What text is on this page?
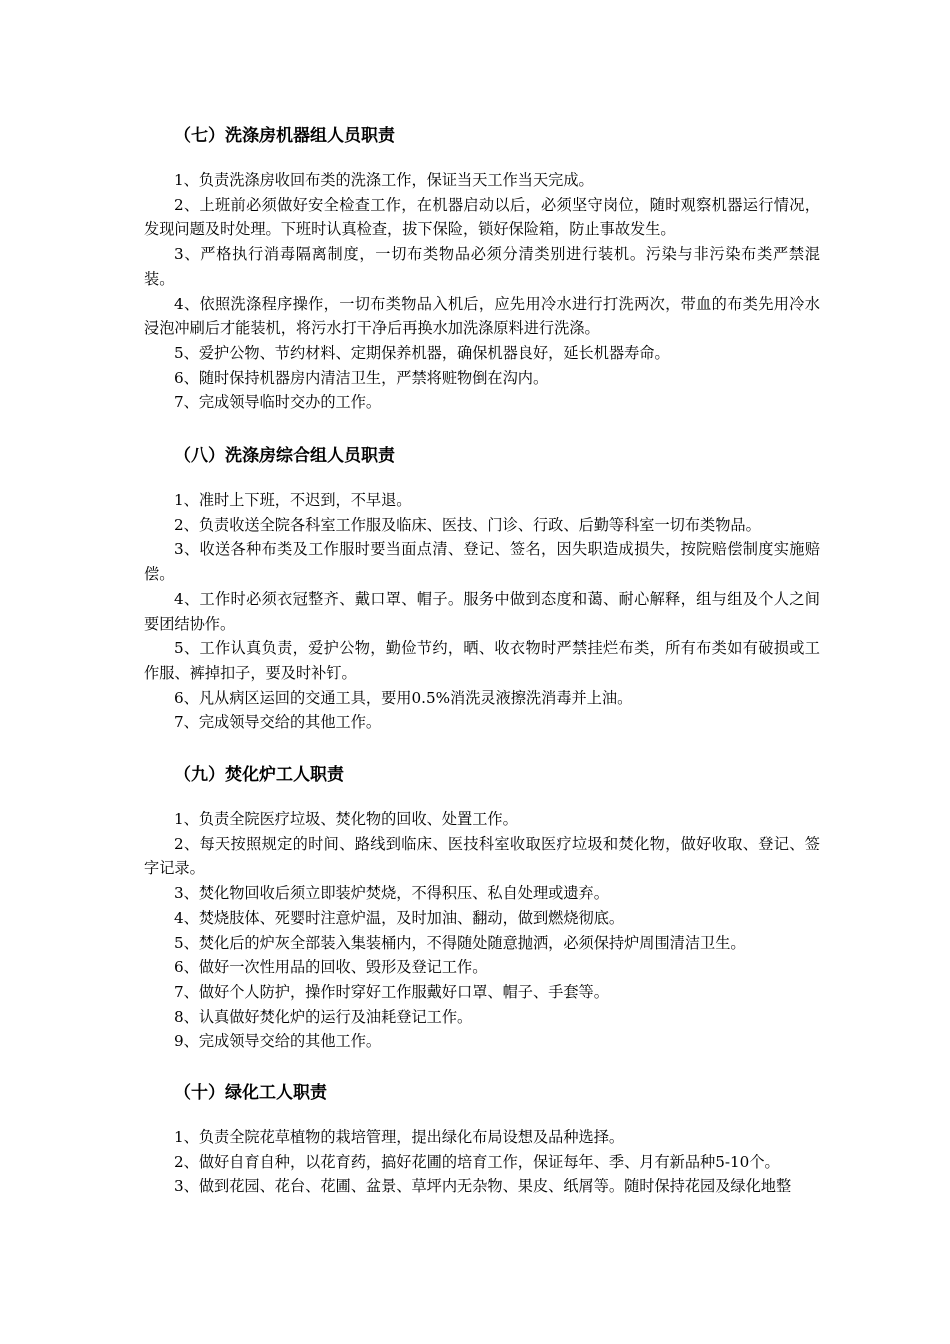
（七）洗涤房机器组人员职责

1、负责洗涤房收回布类的洗涤工作，保证当天工作当天完成。

2、上班前必须做好安全检查工作，在机器启动以后，必须坚守岗位，随时观察机器运行情况，发现问题及时处理。下班时认真检查，拔下保险，锁好保险箱，防止事故发生。

3、严格执行消毒隔离制度，一切布类物品必须分清类别进行装机。污染与非污染布类严禁混装。

4、依照洗涤程序操作，一切布类物品入机后，应先用冷水进行打洗两次，带血的布类先用冷水浸泡冲刷后才能装机，将污水打干净后再换水加洗涤原料进行洗涤。

5、爱护公物、节约材料、定期保养机器，确保机器良好，延长机器寿命。

6、随时保持机器房内清洁卫生，严禁将赃物倒在沟内。

7、完成领导临时交办的工作。

（八）洗涤房综合组人员职责

1、准时上下班，不迟到，不早退。

2、负责收送全院各科室工作服及临床、医技、门诊、行政、后勤等科室一切布类物品。

3、收送各种布类及工作服时要当面点清、登记、签名，因失职造成损失，按院赔偿制度实施赔偿。

4、工作时必须衣冠整齐、戴口罩、帽子。服务中做到态度和蔼、耐心解释，组与组及个人之间要团结协作。

5、工作认真负责，爱护公物，勤俭节约，晒、收衣物时严禁挂烂布类，所有布类如有破损或工作服、裤掉扣子，要及时补钉。

6、凡从病区运回的交通工具，要用0.5%消洗灵液擦洗消毒并上油。

7、完成领导交给的其他工作。

（九）焚化炉工人职责

1、负责全院医疗垃圾、焚化物的回收、处置工作。

2、每天按照规定的时间、路线到临床、医技科室收取医疗垃圾和焚化物，做好收取、登记、签字记录。

3、焚化物回收后须立即装炉焚烧，不得积压、私自处理或遗弃。

4、焚烧肢体、死婴时注意炉温，及时加油、翻动，做到燃烧彻底。

5、焚化后的炉灰全部装入集装桶内，不得随处随意抛洒，必须保持炉周围清洁卫生。

6、做好一次性用品的回收、毁形及登记工作。

7、做好个人防护，操作时穿好工作服戴好口罩、帽子、手套等。

8、认真做好焚化炉的运行及油耗登记工作。

9、完成领导交给的其他工作。

（十）绿化工人职责

1、负责全院花草植物的栽培管理，提出绿化布局设想及品种选择。

2、做好自育自种，以花育药，搞好花圃的培育工作，保证每年、季、月有新品种5-10个。

3、做到花园、花台、花圃、盆景、草坪内无杂物、果皮、纸屑等。随时保持花园及绿化地整
